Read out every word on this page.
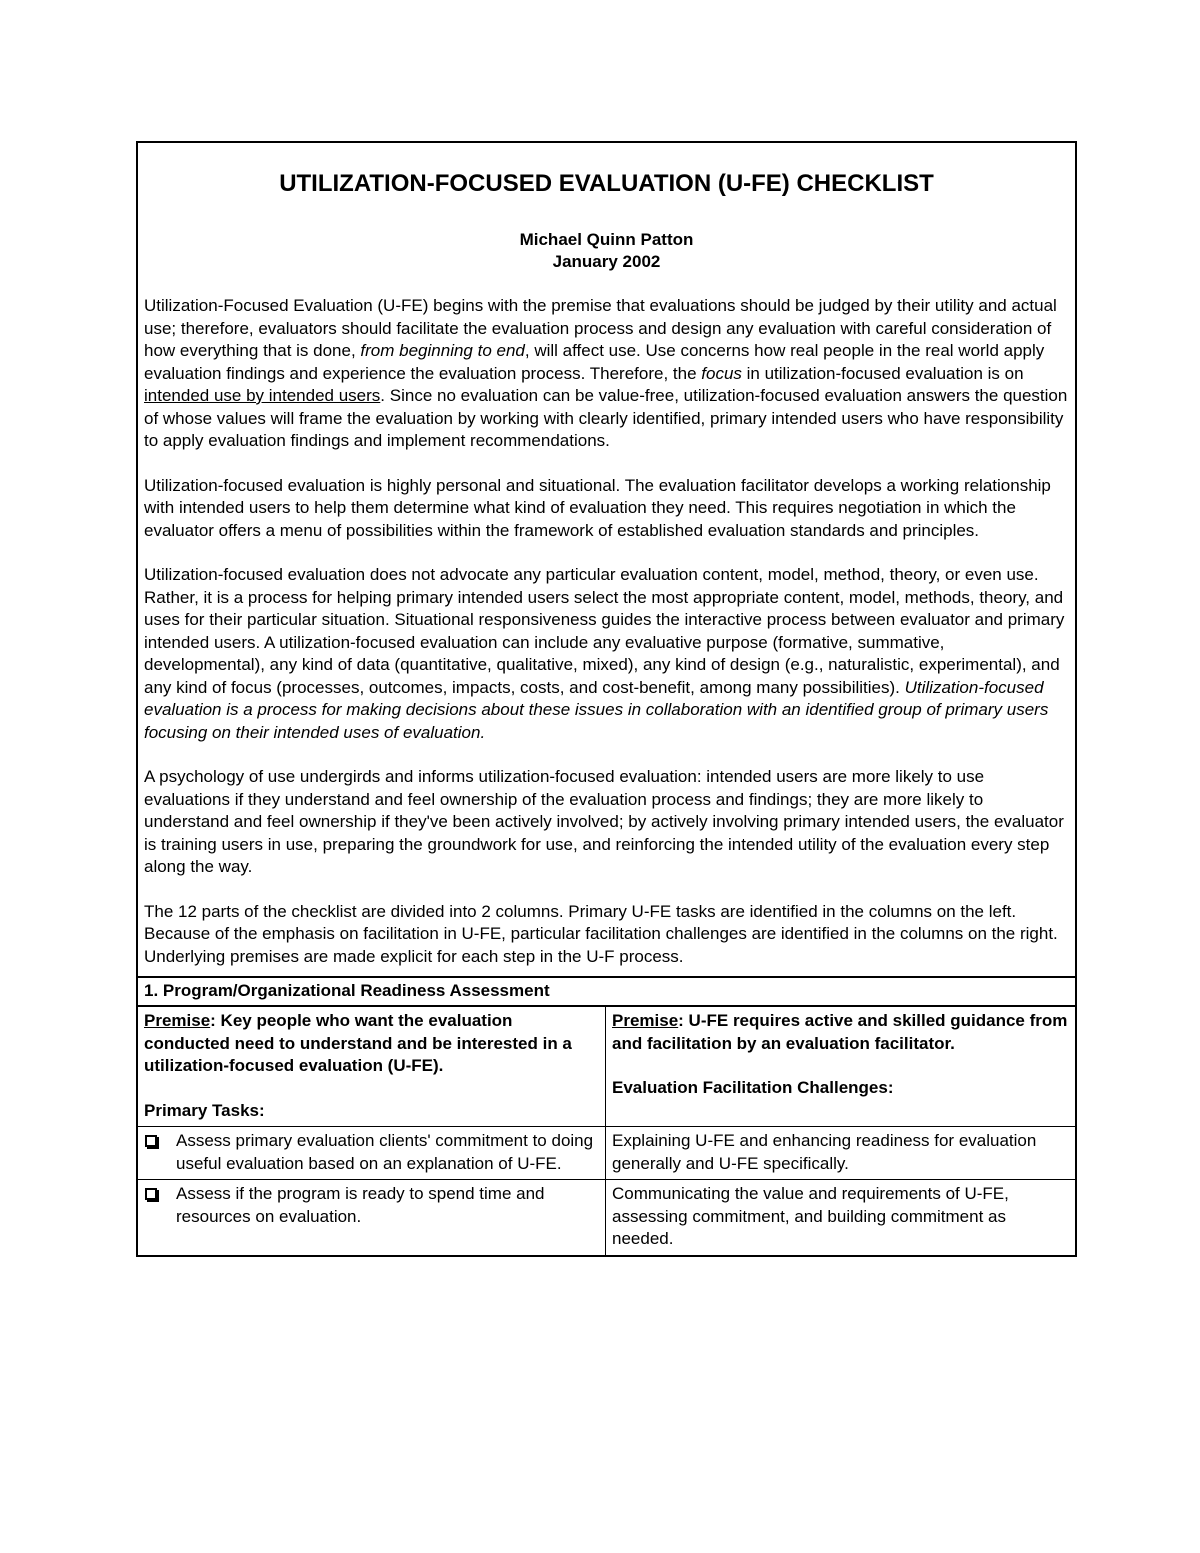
UTILIZATION-FOCUSED EVALUATION (U-FE) CHECKLIST

Michael Quinn Patton

January 2002

Utilization-Focused Evaluation (U-FE) begins with the premise that evaluations should be judged by their utility and actual use; therefore, evaluators should facilitate the evaluation process and design any evaluation with careful consideration of how everything that is done, from beginning to end, will affect use. Use concerns how real people in the real world apply evaluation findings and experience the evaluation process. Therefore, the focus in utilization-focused evaluation is on intended use by intended users. Since no evaluation can be value-free, utilization-focused evaluation answers the question of whose values will frame the evaluation by working with clearly identified, primary intended users who have responsibility to apply evaluation findings and implement recommendations.

Utilization-focused evaluation is highly personal and situational. The evaluation facilitator develops a working relationship with intended users to help them determine what kind of evaluation they need. This requires negotiation in which the evaluator offers a menu of possibilities within the framework of established evaluation standards and principles.

Utilization-focused evaluation does not advocate any particular evaluation content, model, method, theory, or even use. Rather, it is a process for helping primary intended users select the most appropriate content, model, methods, theory, and uses for their particular situation. Situational responsiveness guides the interactive process between evaluator and primary intended users. A utilization-focused evaluation can include any evaluative purpose (formative, summative, developmental), any kind of data (quantitative, qualitative, mixed), any kind of design (e.g., naturalistic, experimental), and any kind of focus (processes, outcomes, impacts, costs, and cost-benefit, among many possibilities). Utilization-focused evaluation is a process for making decisions about these issues in collaboration with an identified group of primary users focusing on their intended uses of evaluation.

A psychology of use undergirds and informs utilization-focused evaluation: intended users are more likely to use evaluations if they understand and feel ownership of the evaluation process and findings; they are more likely to understand and feel ownership if they've been actively involved; by actively involving primary intended users, the evaluator is training users in use, preparing the groundwork for use, and reinforcing the intended utility of the evaluation every step along the way.

The 12 parts of the checklist are divided into 2 columns. Primary U-FE tasks are identified in the columns on the left. Because of the emphasis on facilitation in U-FE, particular facilitation challenges are identified in the columns on the right. Underlying premises are made explicit for each step in the U-F process.

1. Program/Organizational Readiness Assessment

Premise: Key people who want the evaluation conducted need to understand and be interested in a utilization-focused evaluation (U-FE).

Primary Tasks:

Premise: U-FE requires active and skilled guidance from and facilitation by an evaluation facilitator.

Evaluation Facilitation Challenges:

Assess primary evaluation clients' commitment to doing useful evaluation based on an explanation of U-FE.
Explaining U-FE and enhancing readiness for evaluation generally and U-FE specifically.
Assess if the program is ready to spend time and resources on evaluation.
Communicating the value and requirements of U-FE, assessing commitment, and building commitment as needed.
